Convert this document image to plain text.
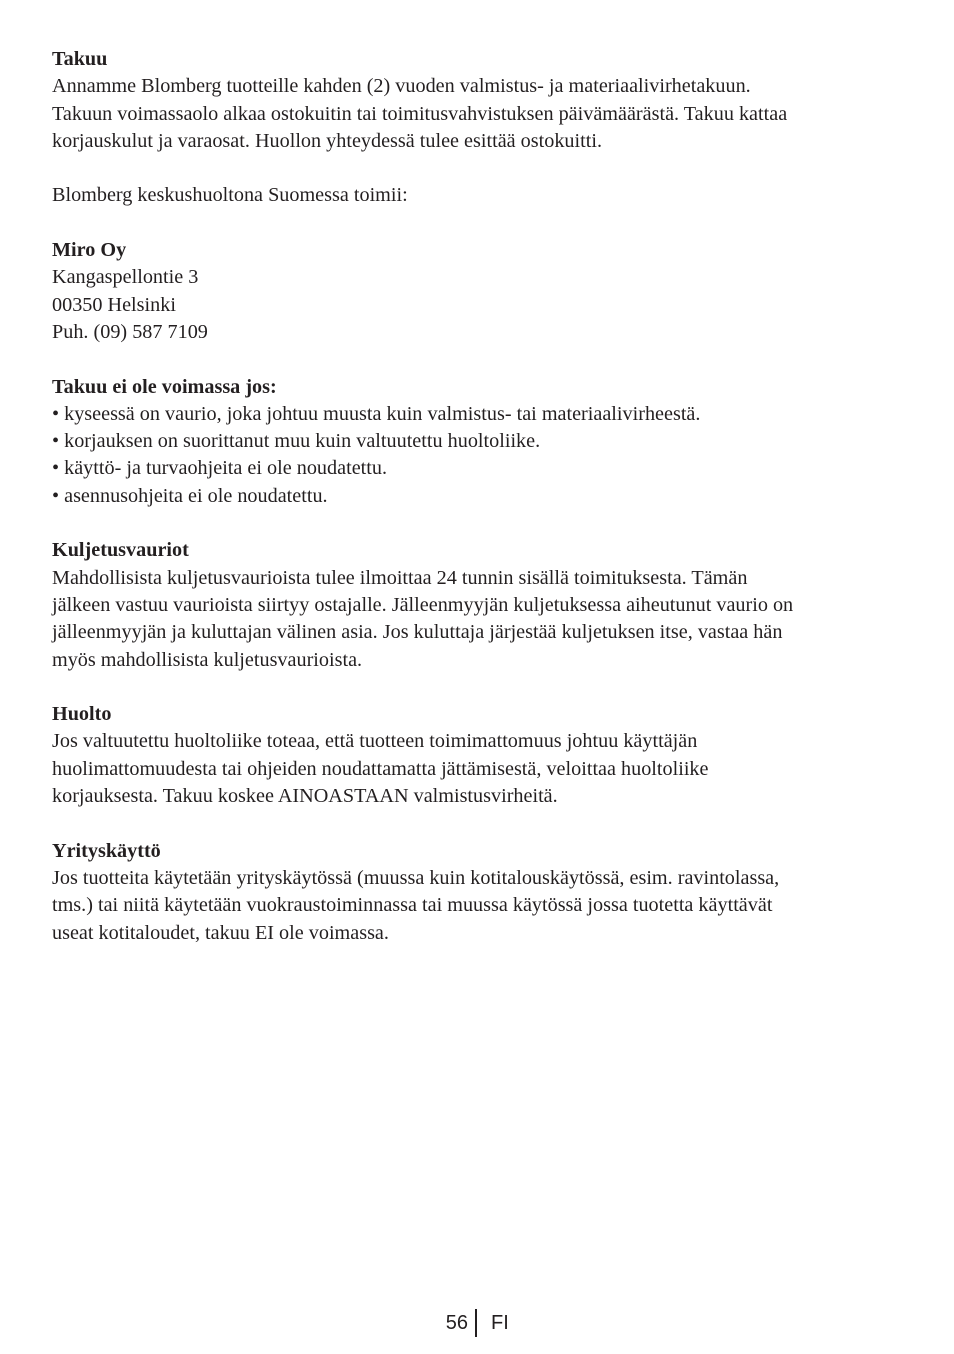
Takuu
Annamme Blomberg tuotteille kahden (2) vuoden valmistus- ja materiaalivirhetakuun.
Takuun voimassaolo alkaa ostokuitin tai toimitusvahvistuksen päivämäärästä. Takuu kattaa
korjauskulut ja varaosat. Huollon yhteydessä tulee esittää ostokuitti.
Blomberg keskushuoltona Suomessa toimii:
Miro Oy
Kangaspellontie 3
00350 Helsinki
Puh. (09) 587 7109
Takuu ei ole voimassa jos:
• kyseessä on vaurio, joka johtuu muusta kuin valmistus- tai materiaalivirheestä.
• korjauksen on suorittanut muu kuin valtuutettu huoltoliike.
• käyttö- ja turvaohjeita ei ole noudatettu.
• asennusohjeita ei ole noudatettu.
Kuljetusvauriot
Mahdollisista kuljetusvaurioista tulee ilmoittaa 24 tunnin sisällä toimituksesta. Tämän
jälkeen vastuu vaurioista siirtyy ostajalle. Jälleenmyyjän kuljetuksessa aiheutunut vaurio on
jälleenmyyjän ja kuluttajan välinen asia. Jos kuluttaja järjestää kuljetuksen itse, vastaa hän
myös mahdollisista kuljetusvaurioista.
Huolto
Jos valtuutettu huoltoliike toteaa, että tuotteen toimimattomuus johtuu käyttäjän
huolimattomuudesta tai ohjeiden noudattamatta jättämisestä, veloittaa huoltoliike
korjauksesta. Takuu koskee AINOASTAAN valmistusvirheitä.
Yrityskäyttö
Jos tuotteita käytetään yrityskäytössä (muussa kuin kotitalouskäytössä, esim. ravintolassa,
tms.) tai niitä käytetään vuokraustoiminnassa tai muussa käytössä jossa tuotetta käyttävät
useat kotitaloudet, takuu EI ole voimassa.
56 FI
